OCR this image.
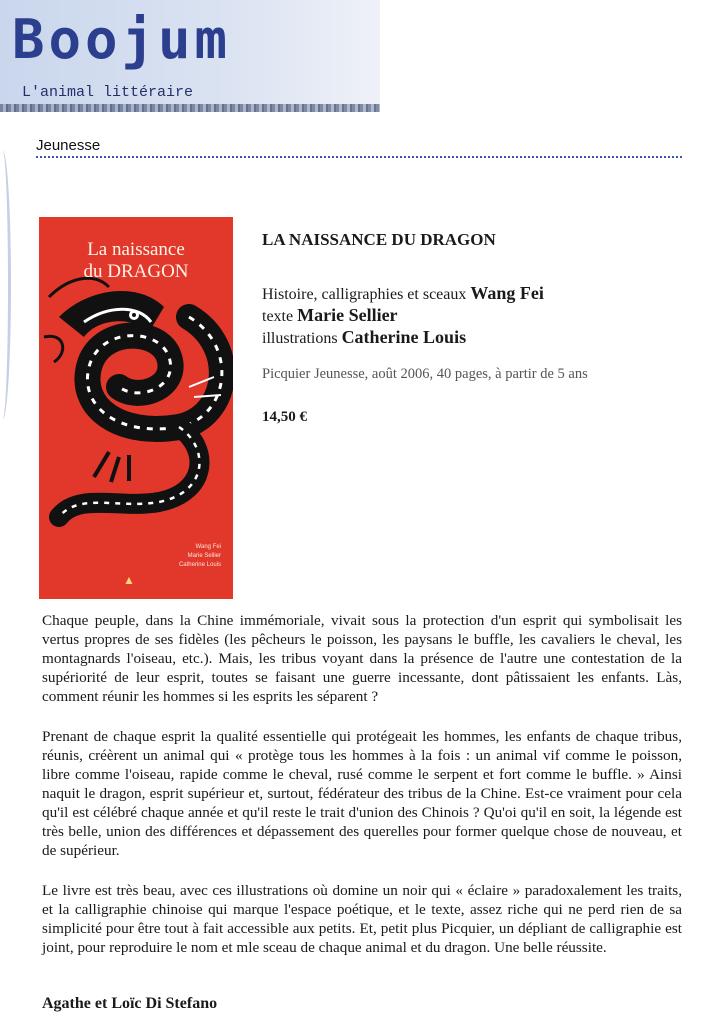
Boojum
L'animal littéraire
Jeunesse
La naissance
du DRAGON
Wang Fei
Marie Sellier
Catherine Louis
▲
LA NAISSANCE DU DRAGON
Histoire, calligraphies et sceaux Wang Fei
texte Marie Sellier
illustrations Catherine Louis
Picquier Jeunesse, août 2006, 40 pages, à partir de 5 ans
14,50 €

Chaque peuple, dans la Chine immémoriale, vivait sous la protection d'un esprit qui symbolisait les vertus propres de ses fidèles (les pêcheurs le poisson, les paysans le buffle, les cavaliers le cheval, les montagnards l'oiseau, etc.). Mais, les tribus voyant dans la présence de l'autre une contestation de la supériorité de leur esprit, toutes se faisant une guerre incessante, dont pâtissaient les enfants. Làs, comment réunir les hommes si les esprits les séparent ?

Prenant de chaque esprit la qualité essentielle qui protégeait les hommes, les enfants de chaque tribus, réunis, créèrent un animal qui « protège tous les hommes à la fois : un animal vif comme le poisson, libre comme l'oiseau, rapide comme le cheval, rusé comme le serpent et fort comme le buffle. » Ainsi naquit le dragon, esprit supérieur et, surtout, fédérateur des tribus de la Chine. Est-ce vraiment pour cela qu'il est célébré chaque année et qu'il reste le trait d'union des Chinois ? Qu'oi qu'il en soit, la légende est très belle, union des différences et dépassement des querelles pour former quelque chose de nouveau, et de supérieur.

Le livre est très beau, avec ces illustrations où domine un noir qui « éclaire » paradoxalement les traits, et la calligraphie chinoise qui marque l'espace poétique, et le texte, assez riche qui ne perd rien de sa simplicité pour être tout à fait accessible aux petits. Et, petit plus Picquier, un dépliant de calligraphie est joint, pour reproduire le nom et mle sceau de chaque animal et du dragon. Une belle réussite.

Agathe et Loïc Di Stefano
